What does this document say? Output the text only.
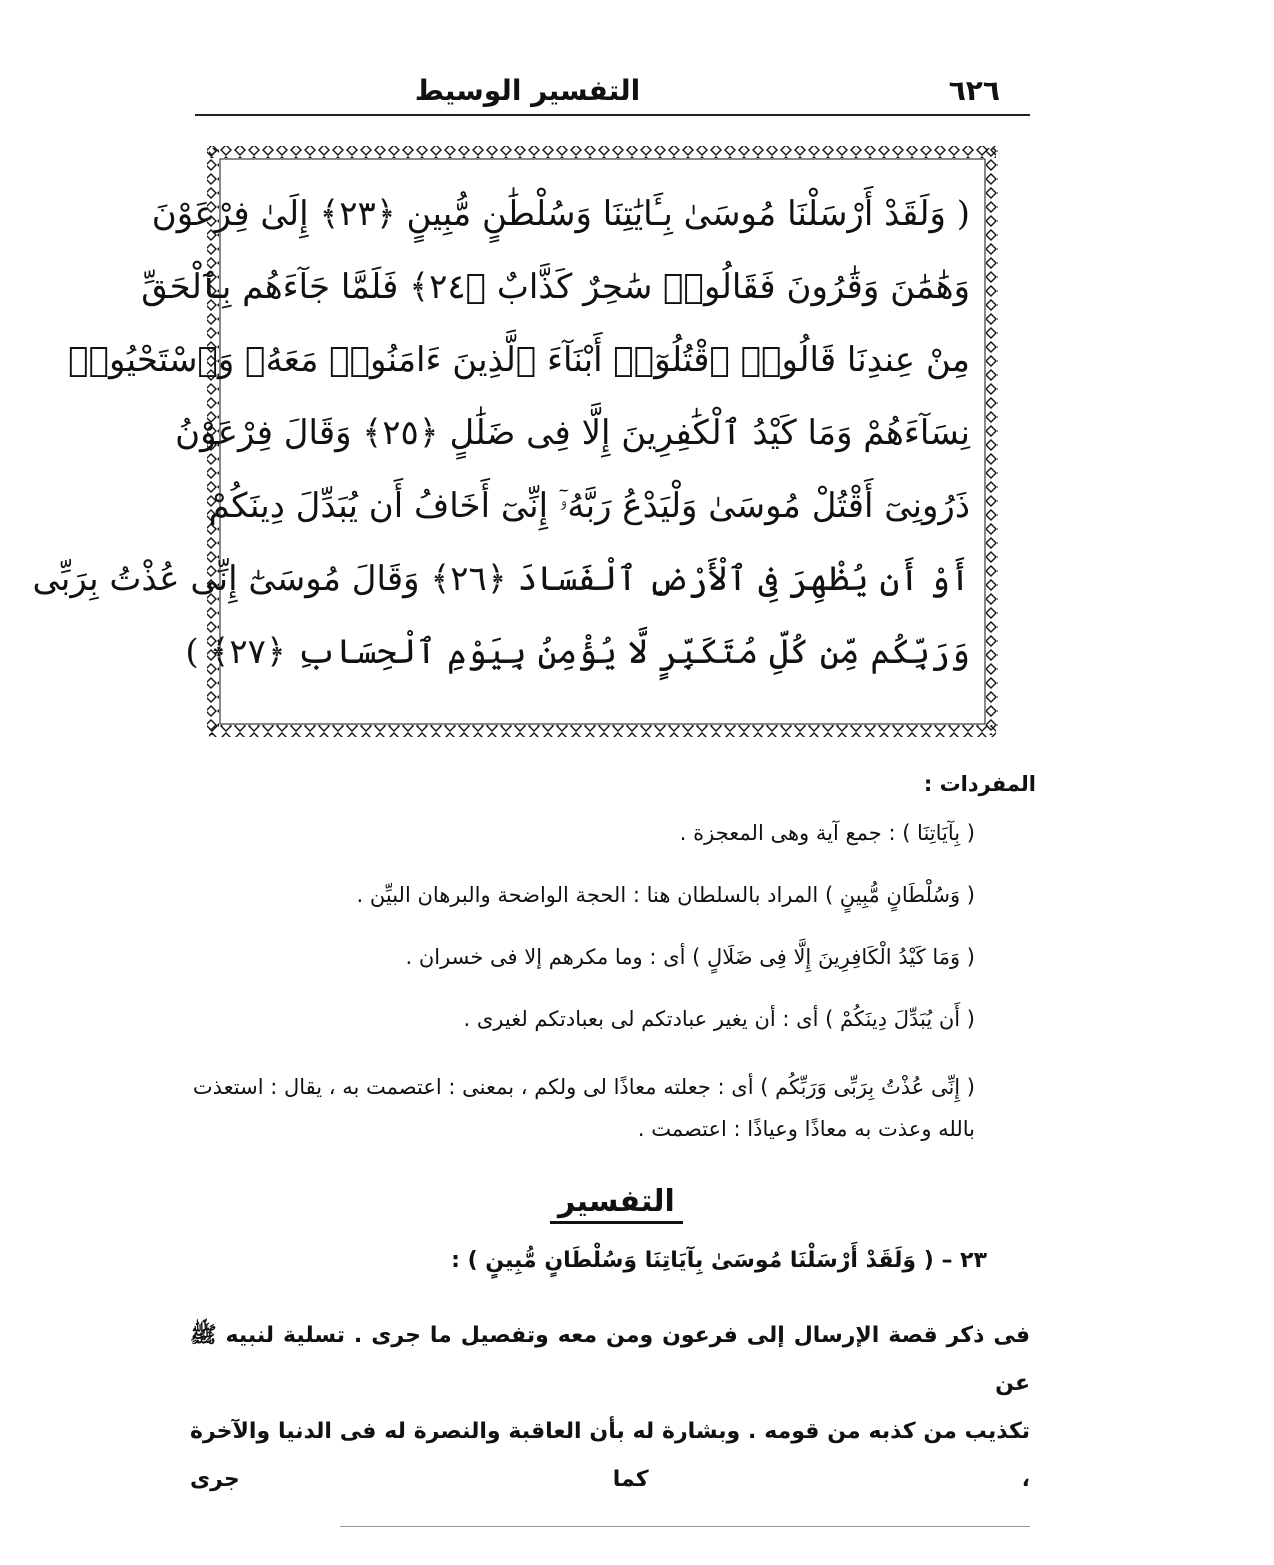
٦٢٦
التفسير الوسيط
( وَلَقَدْ أَرْسَلْنَا مُوسَىٰ بِـَٔايَٰتِنَا وَسُلْطَٰنٍ مُّبِينٍ ﴿٢٣﴾ إِلَىٰ فِرْعَوْنَ
وَهَٰمَٰنَ وَقَٰرُونَ فَقَالُوا۟ سَٰحِرٌ كَذَّابٌ ﴿٢٤﴾ فَلَمَّا جَآءَهُم بِٱلْحَقِّ
مِنْ عِندِنَا قَالُوا۟ ٱقْتُلُوٓا۟ أَبْنَآءَ ٱلَّذِينَ ءَامَنُوا۟ مَعَهُۥ وَٱسْتَحْيُوا۟
نِسَآءَهُمْ وَمَا كَيْدُ ٱلْكَٰفِرِينَ إِلَّا فِى ضَلَٰلٍ ﴿٢٥﴾ وَقَالَ فِرْعَوْنُ
ذَرُونِىٓ أَقْتُلْ مُوسَىٰ وَلْيَدْعُ رَبَّهُۥٓ إِنِّىٓ أَخَافُ أَن يُبَدِّلَ دِينَكُمْ
أَوْ أَن يُظْهِرَ فِى ٱلْأَرْضِ ٱلْفَسَادَ ﴿٢٦﴾ وَقَالَ مُوسَىٰٓ إِنِّى عُذْتُ بِرَبِّى
وَرَبِّكُم مِّن كُلِّ مُتَكَبِّرٍ لَّا يُؤْمِنُ بِيَوْمِ ٱلْحِسَابِ ﴿٢٧﴾ )
المفردات :
( بِآيَاتِنَا ) : جمع آية وهى المعجزة .
( وَسُلْطَانٍ مُّبِينٍ ) المراد بالسلطان هنا : الحجة الواضحة والبرهان البيِّن .
( وَمَا كَيْدُ الْكَافِرِينَ إِلَّا فِى ضَلَالٍ ) أى : وما مكرهم إلا فى خسران .
( أَن يُبَدِّلَ دِينَكُمْ ) أى : أن يغير عبادتكم لى بعبادتكم لغيرى .
( إِنِّى عُذْتُ بِرَبِّى وَرَبِّكُم ) أى : جعلته معاذًا لى ولكم ، بمعنى : اعتصمت به ، يقال : استعذت بالله وعذت به معاذًا وعياذًا : اعتصمت .
التفسير
٢٣ – ( وَلَقَدْ أَرْسَلْنَا مُوسَىٰ بِآيَاتِنَا وَسُلْطَانٍ مُّبِينٍ ) :
فى ذكر قصة الإرسال إلى فرعون ومن معه وتفصيل ما جرى . تسلية لنبيه ﷺ عن
تكذيب من كذبه من قومه . وبشارة له بأن العاقبة والنصرة له فى الدنيا والآخرة ، كما جرى
